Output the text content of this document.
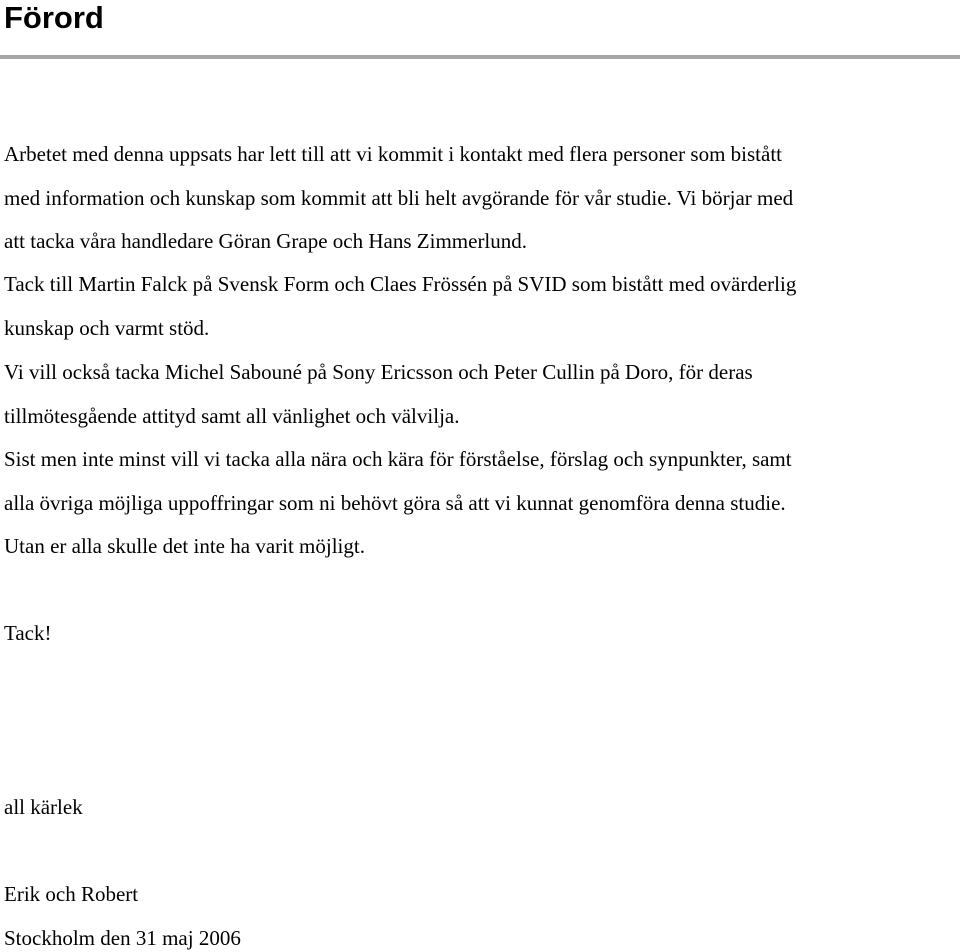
Förord

Arbetet med denna uppsats har lett till att vi kommit i kontakt med flera personer som bistått

med information och kunskap som kommit att bli helt avgörande för vår studie. Vi börjar med

att tacka våra handledare Göran Grape och Hans Zimmerlund.

Tack till Martin Falck på Svensk Form och Claes Frössén på SVID som bistått med ovärderlig

kunskap och varmt stöd.

Vi vill också tacka Michel Sabouné på Sony Ericsson och Peter Cullin på Doro, för deras

tillmötesgående attityd samt all vänlighet och välvilja.

Sist men inte minst vill vi tacka alla nära och kära för förståelse, förslag och synpunkter, samt

alla övriga möjliga uppoffringar som ni behövt göra så att vi kunnat genomföra denna studie.

Utan er alla skulle det inte ha varit möjligt.

Tack!

all kärlek

Erik och Robert

Stockholm den 31 maj 2006
